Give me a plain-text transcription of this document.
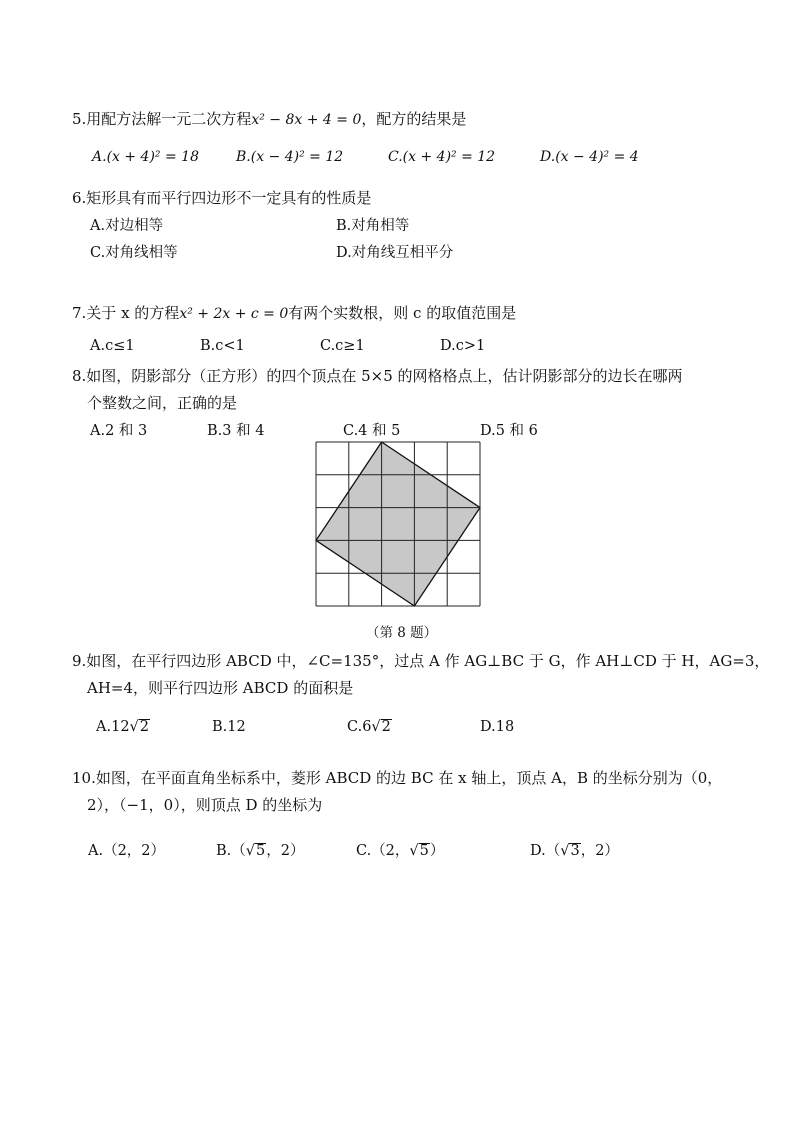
5.用配方法解一元二次方程x² − 8x + 4 = 0，配方的结果是
A.(x + 4)² = 18	B.(x − 4)² = 12	C.(x + 4)² = 12	D.(x − 4)² = 4
6.矩形具有而平行四边形不一定具有的性质是
A.对边相等	B.对角相等
C.对角线相等	D.对角线互相平分
7.关于 x 的方程x² + 2x + c = 0有两个实数根，则 c 的取值范围是
A.c≤1	B.c<1	C.c≥1	D.c>1
8.如图，阴影部分（正方形）的四个顶点在 5×5 的网格格点上，估计阴影部分的边长在哪两
个整数之间，正确的是
A.2 和 3	B.3 和 4	C.4 和 5	D.5 和 6
（第 8 题）
9.如图，在平行四边形 ABCD 中，∠C=135°，过点 A 作 AG⊥BC 于 G，作 AH⊥CD 于 H，AG=3，
AH=4，则平行四边形 ABCD 的面积是
A.12√2	B.12	C.6√2	D.18
10.如图，在平面直角坐标系中，菱形 ABCD 的边 BC 在 x 轴上，顶点 A，B 的坐标分别为（0，
2），（−1，0），则顶点 D 的坐标为
A.（2，2）	B.（√5，2）	C.（2，√5）	D.（√3，2）
